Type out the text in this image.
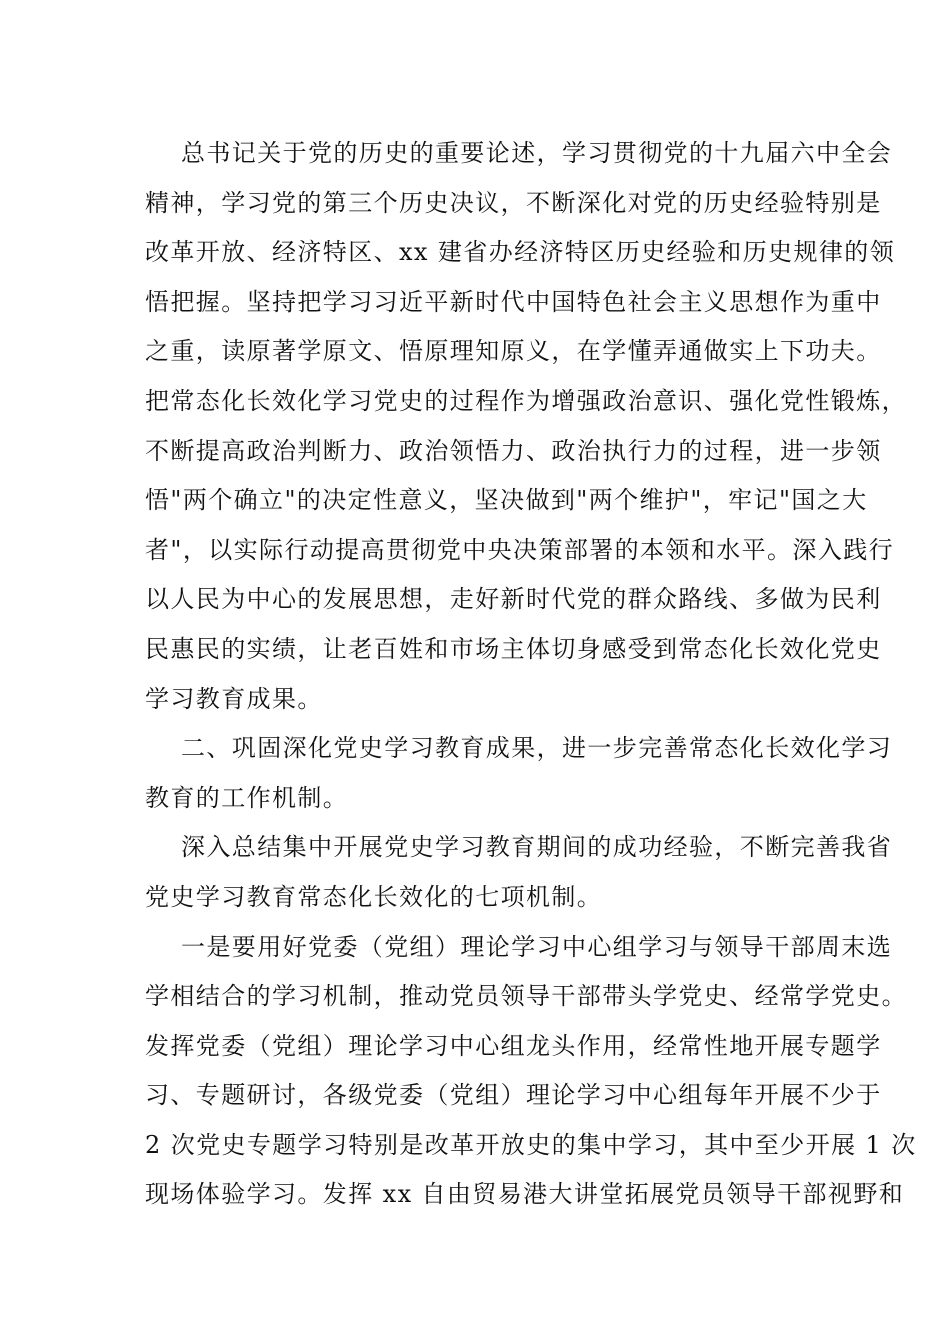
总书记关于党的历史的重要论述，学习贯彻党的十九届六中全会
精神，学习党的第三个历史决议，不断深化对党的历史经验特别是
改革开放、经济特区、xx 建省办经济特区历史经验和历史规律的领
悟把握。坚持把学习习近平新时代中国特色社会主义思想作为重中
之重，读原著学原文、悟原理知原义，在学懂弄通做实上下功夫。
把常态化长效化学习党史的过程作为增强政治意识、强化党性锻炼，
不断提高政治判断力、政治领悟力、政治执行力的过程，进一步领
悟"两个确立"的决定性意义，坚决做到"两个维护"，牢记"国之大
者"，以实际行动提高贯彻党中央决策部署的本领和水平。深入践行
以人民为中心的发展思想，走好新时代党的群众路线、多做为民利
民惠民的实绩，让老百姓和市场主体切身感受到常态化长效化党史
学习教育成果。
二、巩固深化党史学习教育成果，进一步完善常态化长效化学习
教育的工作机制。
深入总结集中开展党史学习教育期间的成功经验，不断完善我省
党史学习教育常态化长效化的七项机制。
一是要用好党委（党组）理论学习中心组学习与领导干部周末选
学相结合的学习机制，推动党员领导干部带头学党史、经常学党史。
发挥党委（党组）理论学习中心组龙头作用，经常性地开展专题学
习、专题研讨，各级党委（党组）理论学习中心组每年开展不少于
2 次党史专题学习特别是改革开放史的集中学习，其中至少开展 1 次
现场体验学习。发挥 xx 自由贸易港大讲堂拓展党员领导干部视野和
